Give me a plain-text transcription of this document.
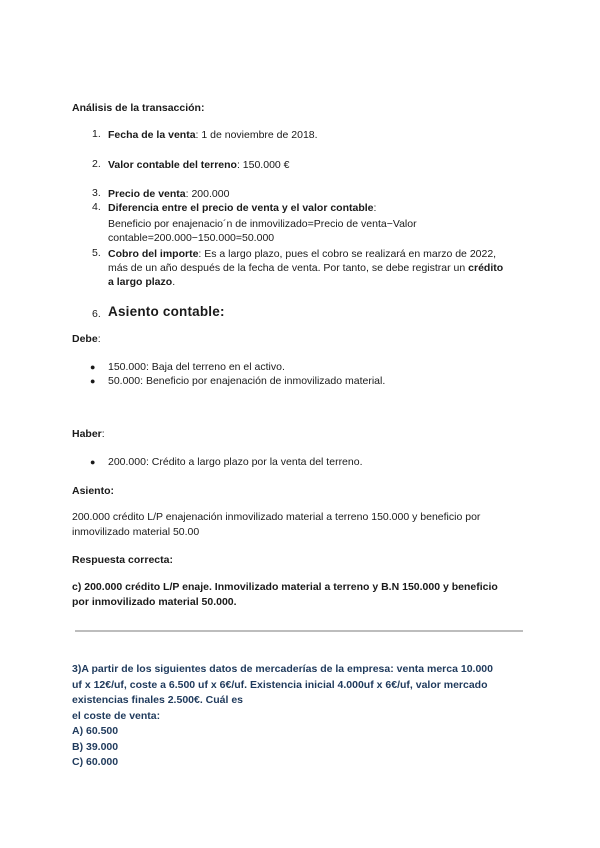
Análisis de la transacción:
1. Fecha de la venta: 1 de noviembre de 2018.
2. Valor contable del terreno: 150.000 €
3. Precio de venta: 200.000
4. Diferencia entre el precio de venta y el valor contable:
Beneficio por enajenacio´n de inmovilizado=Precio de venta−Valor
contable=200.000−150.000=50.000
5. Cobro del importe: Es a largo plazo, pues el cobro se realizará en marzo de 2022,
más de un año después de la fecha de venta. Por tanto, se debe registrar un crédito
a largo plazo.
6. Asiento contable:
Debe:
● 150.000: Baja del terreno en el activo.
● 50.000: Beneficio por enajenación de inmovilizado material.
Haber:
● 200.000: Crédito a largo plazo por la venta del terreno.
Asiento:
200.000 crédito L/P enajenación inmovilizado material a terreno 150.000 y beneficio por
inmovilizado material 50.00
Respuesta correcta:
c) 200.000 crédito L/P enaje. Inmovilizado material a terreno y B.N 150.000 y beneficio
por inmovilizado material 50.000.
3)A partir de los siguientes datos de mercaderías de la empresa: venta merca 10.000
uf x 12€/uf, coste a 6.500 uf x 6€/uf. Existencia inicial 4.000uf x 6€/uf, valor mercado
existencias finales 2.500€. Cuál es
el coste de venta:
A) 60.500
B) 39.000
C) 60.000
